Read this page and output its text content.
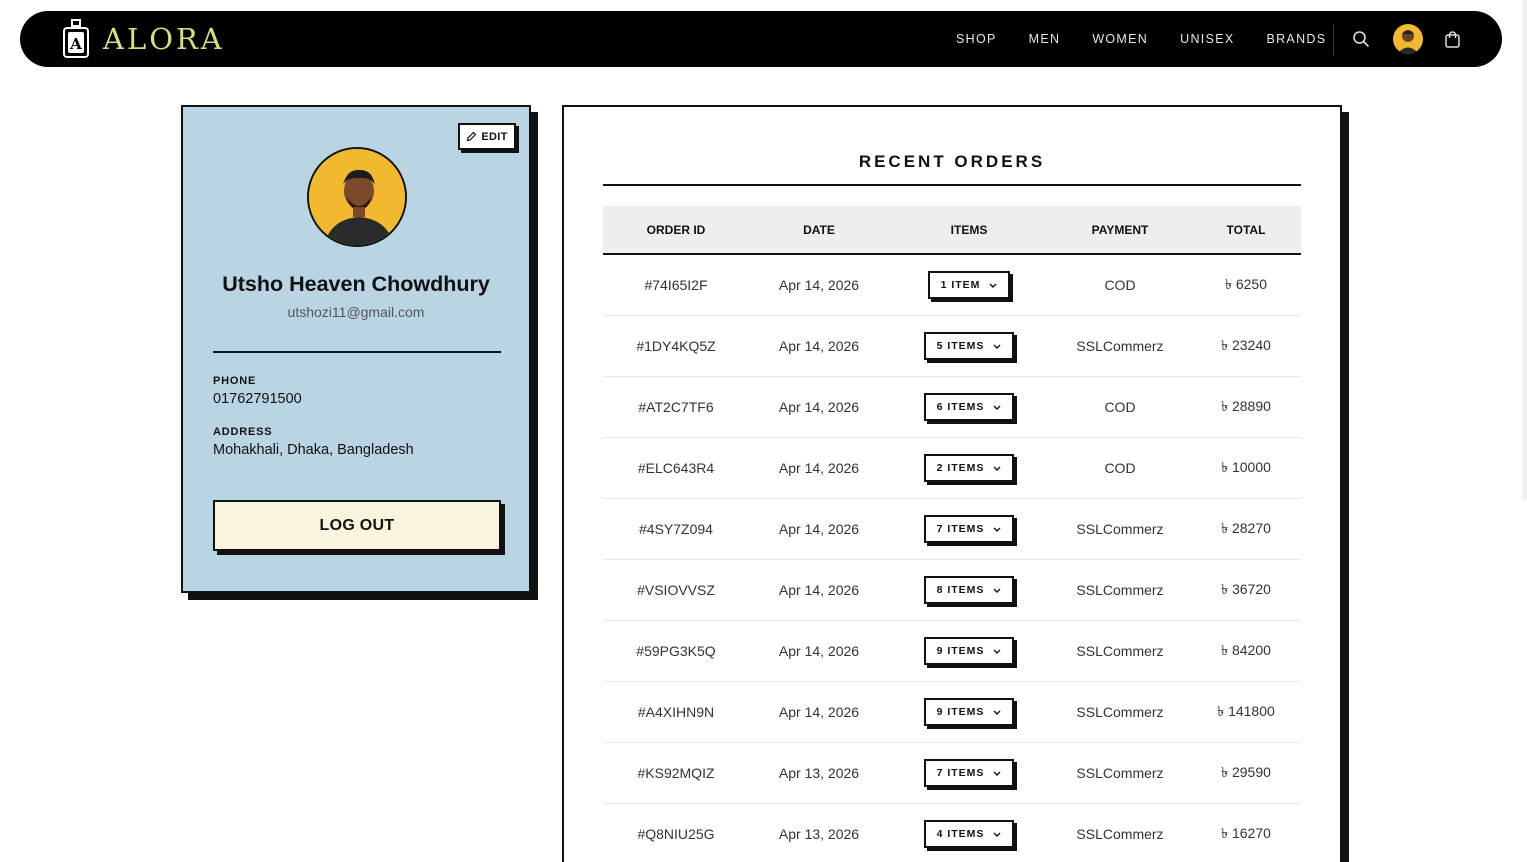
A ALORA	SHOP	MEN	WOMEN	UNISEX	BRANDS
EDIT
Utsho Heaven Chowdhury
utshozi11@gmail.com
PHONE
01762791500
ADDRESS
Mohakhali, Dhaka, Bangladesh
LOG OUT
RECENT ORDERS
ORDER ID	DATE	ITEMS	PAYMENT	TOTAL
#74I65I2F	Apr 14, 2026	1 ITEM	COD	৳ 6250
#1DY4KQ5Z	Apr 14, 2026	5 ITEMS	SSLCommerz	৳ 23240
#AT2C7TF6	Apr 14, 2026	6 ITEMS	COD	৳ 28890
#ELC643R4	Apr 14, 2026	2 ITEMS	COD	৳ 10000
#4SY7Z094	Apr 14, 2026	7 ITEMS	SSLCommerz	৳ 28270
#VSIOVVSZ	Apr 14, 2026	8 ITEMS	SSLCommerz	৳ 36720
#59PG3K5Q	Apr 14, 2026	9 ITEMS	SSLCommerz	৳ 84200
#A4XIHN9N	Apr 14, 2026	9 ITEMS	SSLCommerz	৳ 141800
#KS92MQIZ	Apr 13, 2026	7 ITEMS	SSLCommerz	৳ 29590
#Q8NIU25G	Apr 13, 2026	4 ITEMS	SSLCommerz	৳ 16270
